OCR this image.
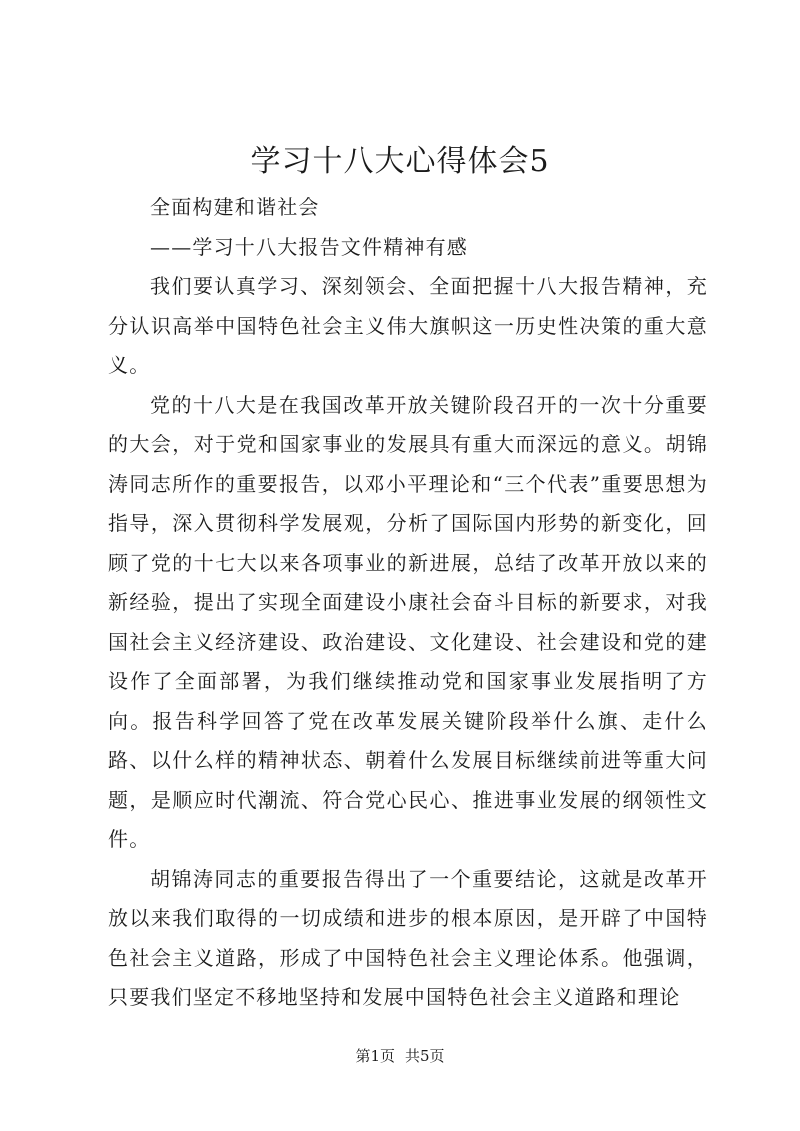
学习十八大心得体会5

全面构建和谐社会

——学习十八大报告文件精神有感

我们要认真学习、深刻领会、全面把握十八大报告精神，充分认识高举中国特色社会主义伟大旗帜这一历史性决策的重大意义。

党的十八大是在我国改革开放关键阶段召开的一次十分重要的大会，对于党和国家事业的发展具有重大而深远的意义。胡锦涛同志所作的重要报告，以邓小平理论和“三个代表”重要思想为指导，深入贯彻科学发展观，分析了国际国内形势的新变化，回顾了党的十七大以来各项事业的新进展，总结了改革开放以来的新经验，提出了实现全面建设小康社会奋斗目标的新要求，对我国社会主义经济建设、政治建设、文化建设、社会建设和党的建设作了全面部署，为我们继续推动党和国家事业发展指明了方向。报告科学回答了党在改革发展关键阶段举什么旗、走什么路、以什么样的精神状态、朝着什么发展目标继续前进等重大问题，是顺应时代潮流、符合党心民心、推进事业发展的纲领性文件。

胡锦涛同志的重要报告得出了一个重要结论，这就是改革开放以来我们取得的一切成绩和进步的根本原因，是开辟了中国特色社会主义道路，形成了中国特色社会主义理论体系。他强调，只要我们坚定不移地坚持和发展中国特色社会主义道路和理论

第1页 共5页
